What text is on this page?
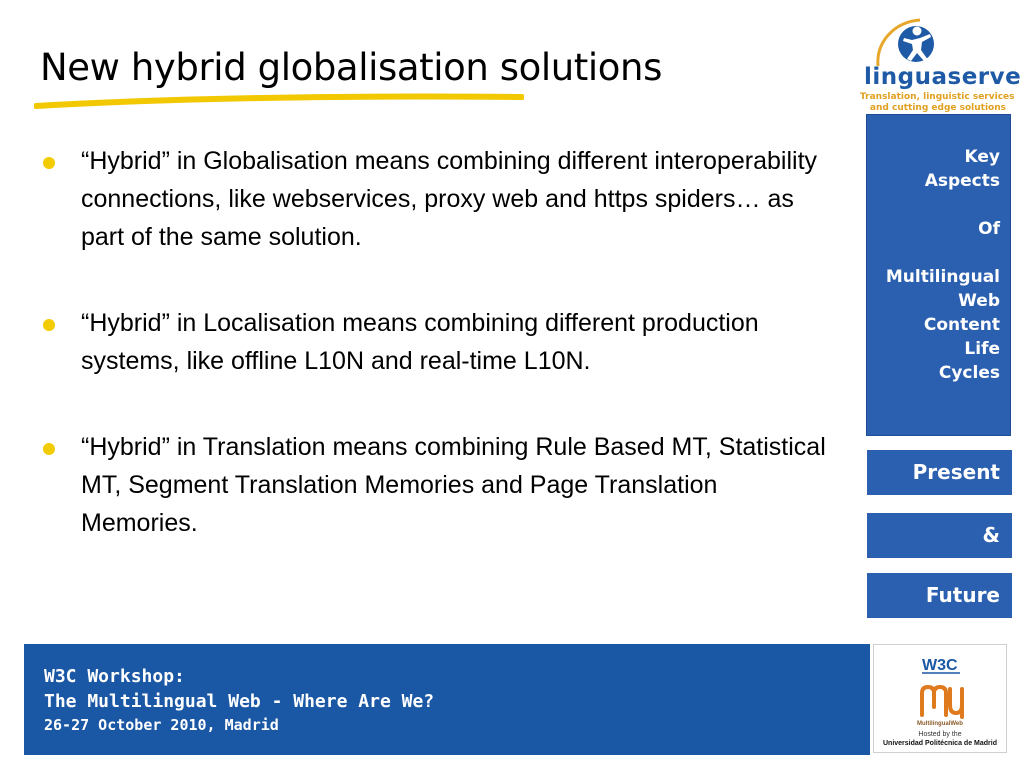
New hybrid globalisation solutions
“Hybrid” in Globalisation means combining different interoperability connections, like webservices, proxy web and https spiders… as part of the same solution.
“Hybrid” in Localisation means combining different production systems, like offline L10N and real-time L10N.
“Hybrid” in Translation means combining Rule Based MT, Statistical MT, Segment Translation Memories and Page Translation Memories.
linguaserve
Translation, linguistic services
and cutting edge solutions
Key
Aspects
Of
Multilingual
Web
Content
Life
Cycles
Present
&
Future
W3C Workshop:
The Multilingual Web - Where Are We?
26-27 October 2010, Madrid
W3C
MultilingualWeb
Hosted by the
Universidad Politécnica de Madrid
